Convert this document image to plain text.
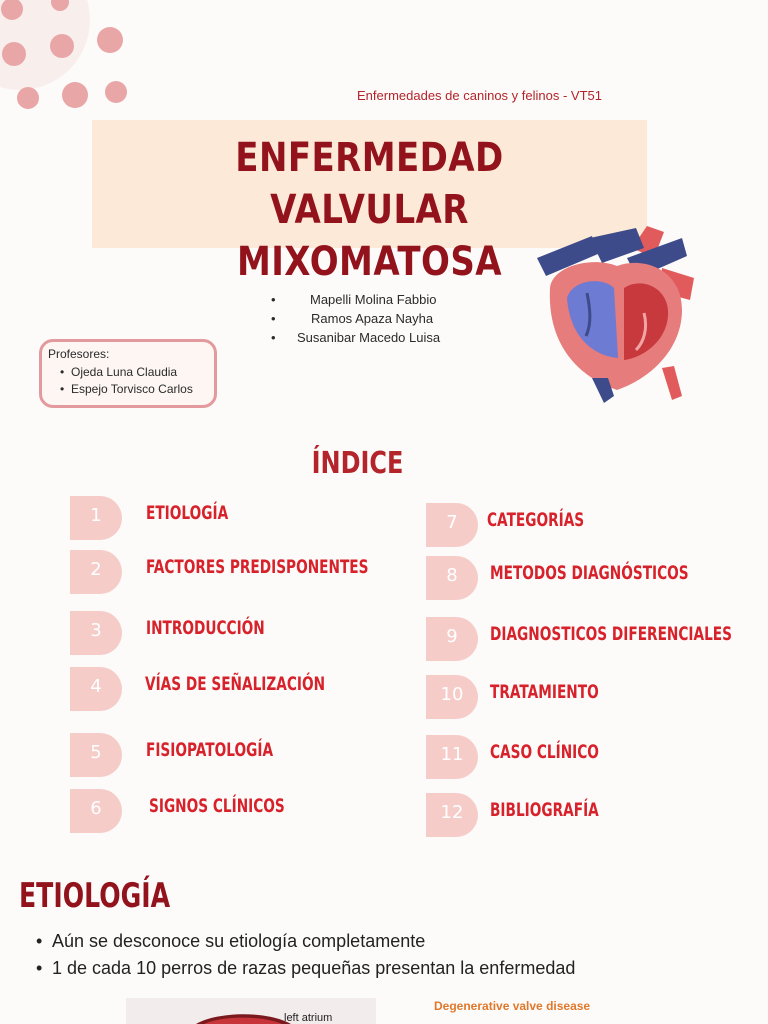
Enfermedades de caninos y felinos - VT51
ENFERMEDAD VALVULAR
MIXOMATOSA
• Mapelli Molina Fabbio
• Ramos Apaza Nayha
• Susanibar Macedo Luisa
Profesores:
• Ojeda Luna Claudia
• Espejo Torvisco Carlos
ÍNDICE
1	ETIOLOGÍA
2	FACTORES PREDISPONENTES
3	INTRODUCCIÓN
4	VÍAS DE SEÑALIZACIÓN
5	FISIOPATOLOGÍA
6	SIGNOS CLÍNICOS
7	CATEGORÍAS
8	METODOS DIAGNÓSTICOS
9	DIAGNOSTICOS DIFERENCIALES
10	TRATAMIENTO
11	CASO CLÍNICO
12	BIBLIOGRAFÍA
ETIOLOGÍA
• Aún se desconoce su etiología completamente
• 1 de cada 10 perros de razas pequeñas presentan la enfermedad
left atrium
Degenerative valve disease
